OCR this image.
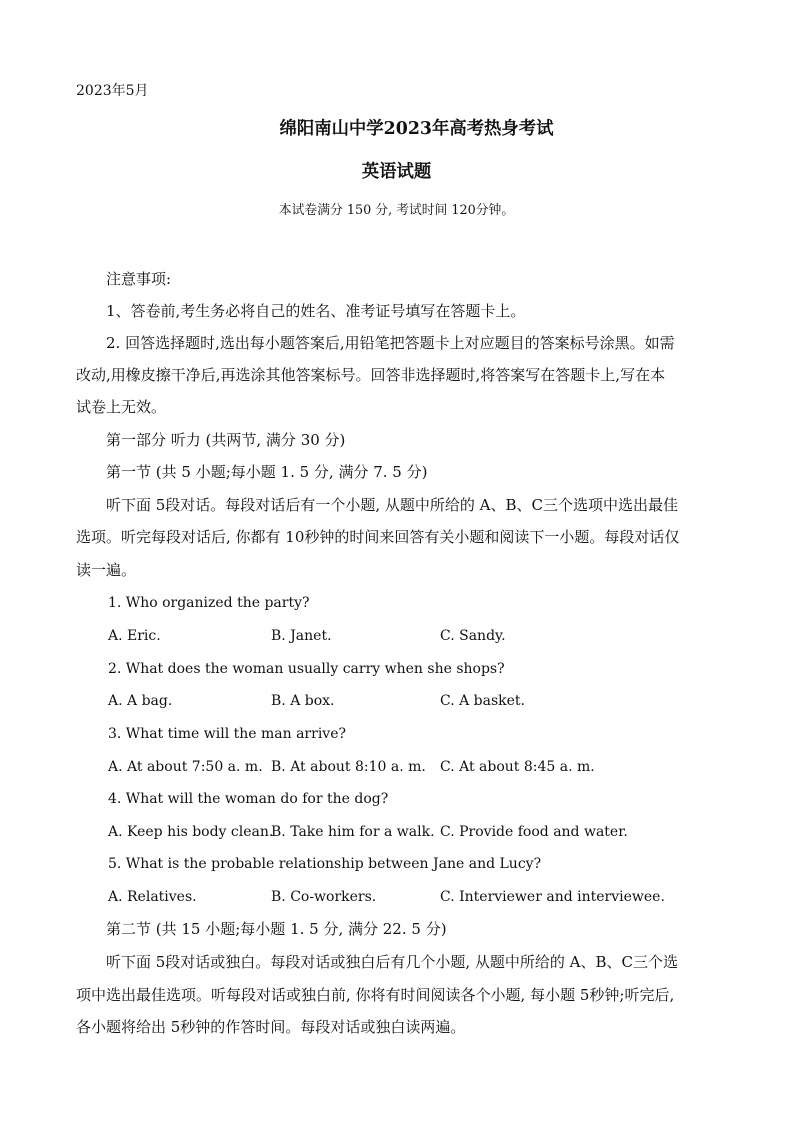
2023年5月
绵阳南山中学2023年高考热身考试
英语试题
本试卷满分 150 分, 考试时间 120分钟。
注意事项:
1、答卷前,考生务必将自己的姓名、准考证号填写在答题卡上。
2. 回答选择题时,选出每小题答案后,用铅笔把答题卡上对应题目的答案标号涂黑。如需
改动,用橡皮擦干净后,再选涂其他答案标号。回答非选择题时,将答案写在答题卡上,写在本
试卷上无效。
第一部分 听力 (共两节, 满分 30 分)
第一节 (共 5 小题;每小题 1. 5 分, 满分 7. 5 分)
听下面 5段对话。每段对话后有一个小题, 从题中所给的 A、B、C三个选项中选出最佳
选项。听完每段对话后, 你都有 10秒钟的时间来回答有关小题和阅读下一小题。每段对话仅
读一遍。
1. Who organized the party?
A. Eric.	B. Janet.	C. Sandy.
2. What does the woman usually carry when she shops?
A. A bag.	B. A box.	C. A basket.
3. What time will the man arrive?
A. At about 7:50 a. m. B. At about 8:10 a. m. C. At about 8:45 a. m.
4. What will the woman do for the dog?
A. Keep his body clean.
B. Take him for a walk. C. Provide food and water.
5. What is the probable relationship between Jane and Lucy?
A. Relatives.	B. Co-workers.	C. Interviewer and interviewee.
第二节 (共 15 小题;每小题 1. 5 分, 满分 22. 5 分)
听下面 5段对话或独白。每段对话或独白后有几个小题, 从题中所给的 A、B、C三个选
项中选出最佳选项。听每段对话或独白前, 你将有时间阅读各个小题, 每小题 5秒钟;听完后,
各小题将给出 5秒钟的作答时间。每段对话或独白读两遍。
